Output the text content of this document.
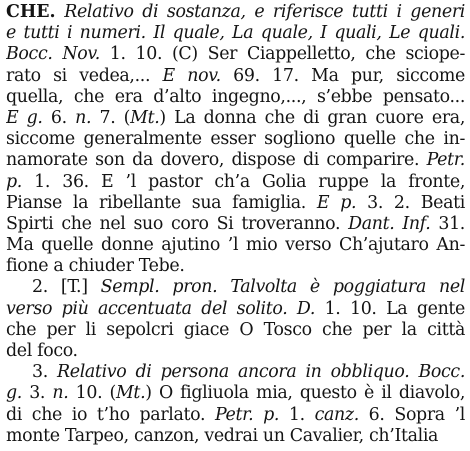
CHE. Relativo di sostanza, e riferisce tutti i generi
e tutti i numeri. Il quale, La quale, I quali, Le quali.
Bocc. Nov. 1. 10. (C) Ser Ciappelletto, che sciope-
rato si vedea,... E nov. 69. 17. Ma pur, siccome
quella, che era d’alto ingegno,..., s’ebbe pensato...
E g. 6. n. 7. (Mt.) La donna che di gran cuore era,
siccome generalmente esser sogliono quelle che in-
namorate son da dovero, dispose di comparire. Petr.
p. 1. 36. E ’l pastor ch’a Golia ruppe la fronte,
Pianse la ribellante sua famiglia. E p. 3. 2. Beati
Spirti che nel suo coro Si troveranno. Dant. Inf. 31.
Ma quelle donne ajutino ’l mio verso Ch’ajutaro An-
fione a chiuder Tebe.
2. [T.] Sempl. pron. Talvolta è poggiatura nel
verso più accentuata del solito. D. 1. 10. La gente
che per li sepolcri giace O Tosco che per la città
del foco.
3. Relativo di persona ancora in obbliquo. Bocc.
g. 3. n. 10. (Mt.) O figliuola mia, questo è il diavolo,
di che io t’ho parlato. Petr. p. 1. canz. 6. Sopra ’l
monte Tarpeo, canzon, vedrai un Cavalier, ch’Italia
